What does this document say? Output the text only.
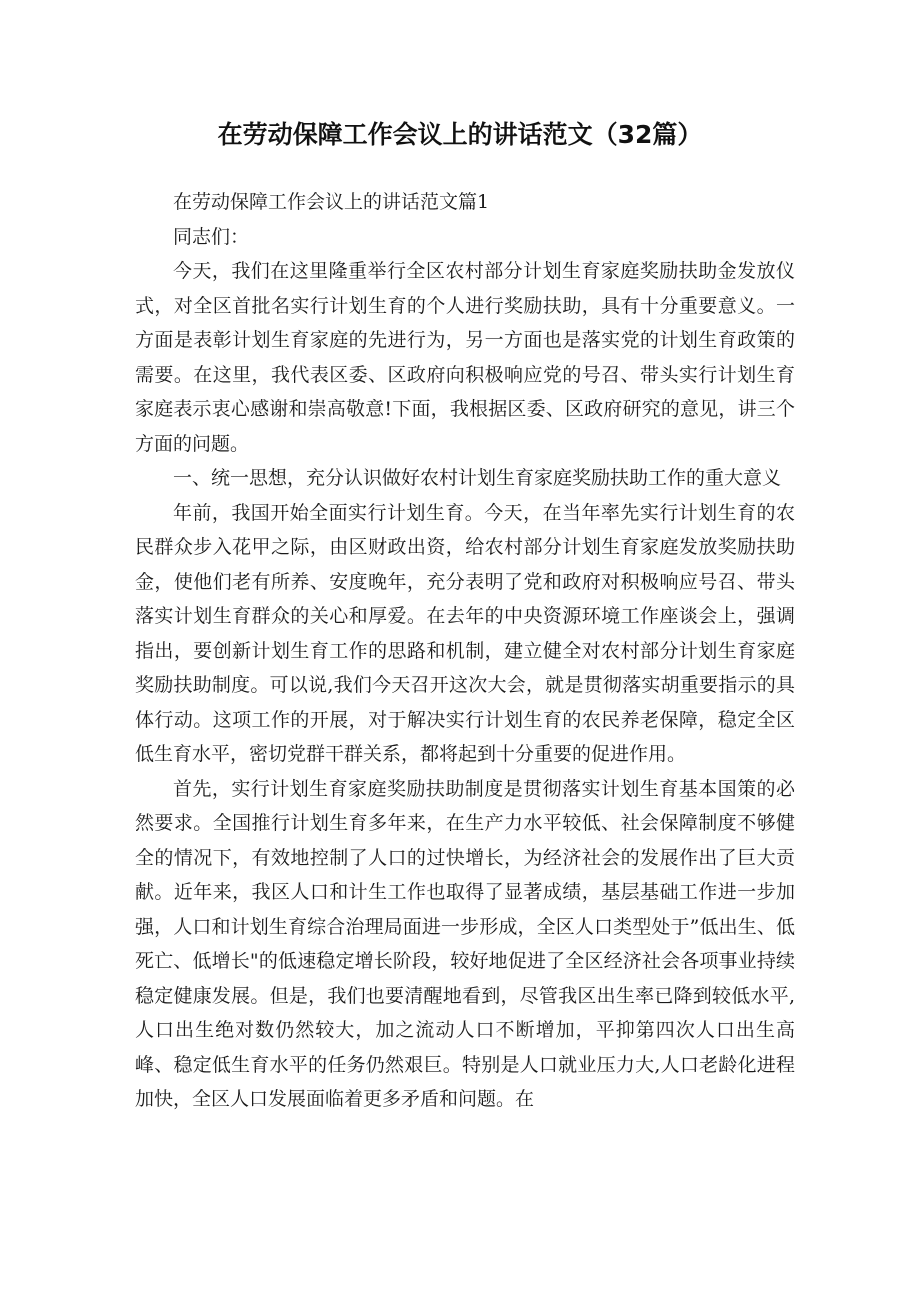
在劳动保障工作会议上的讲话范文（32篇）

在劳动保障工作会议上的讲话范文篇1

同志们：

今天，我们在这里隆重举行全区农村部分计划生育家庭奖励扶助金发放仪式，对全区首批名实行计划生育的个人进行奖励扶助，具有十分重要意义。一方面是表彰计划生育家庭的先进行为，另一方面也是落实党的计划生育政策的需要。在这里，我代表区委、区政府向积极响应党的号召、带头实行计划生育家庭表示衷心感谢和崇高敬意!下面，我根据区委、区政府研究的意见，讲三个方面的问题。

一、统一思想，充分认识做好农村计划生育家庭奖励扶助工作的重大意义

年前，我国开始全面实行计划生育。今天，在当年率先实行计划生育的农民群众步入花甲之际，由区财政出资，给农村部分计划生育家庭发放奖励扶助金，使他们老有所养、安度晚年，充分表明了党和政府对积极响应号召、带头落实计划生育群众的关心和厚爱。在去年的中央资源环境工作座谈会上，强调指出，要创新计划生育工作的思路和机制，建立健全对农村部分计划生育家庭奖励扶助制度。可以说,我们今天召开这次大会，就是贯彻落实胡重要指示的具体行动。这项工作的开展，对于解决实行计划生育的农民养老保障，稳定全区低生育水平，密切党群干群关系，都将起到十分重要的促进作用。

首先，实行计划生育家庭奖励扶助制度是贯彻落实计划生育基本国策的必然要求。全国推行计划生育多年来，在生产力水平较低、社会保障制度不够健全的情况下，有效地控制了人口的过快增长，为经济社会的发展作出了巨大贡献。近年来，我区人口和计生工作也取得了显著成绩，基层基础工作进一步加强，人口和计划生育综合治理局面进一步形成，全区人口类型处于”低出生、低死亡、低增长"的低速稳定增长阶段，较好地促进了全区经济社会各项事业持续稳定健康发展。但是，我们也要清醒地看到，尽管我区出生率已降到较低水平,人口出生绝对数仍然较大，加之流动人口不断增加，平抑第四次人口出生高峰、稳定低生育水平的任务仍然艰巨。特别是人口就业压力大,人口老龄化进程加快，全区人口发展面临着更多矛盾和问题。在
